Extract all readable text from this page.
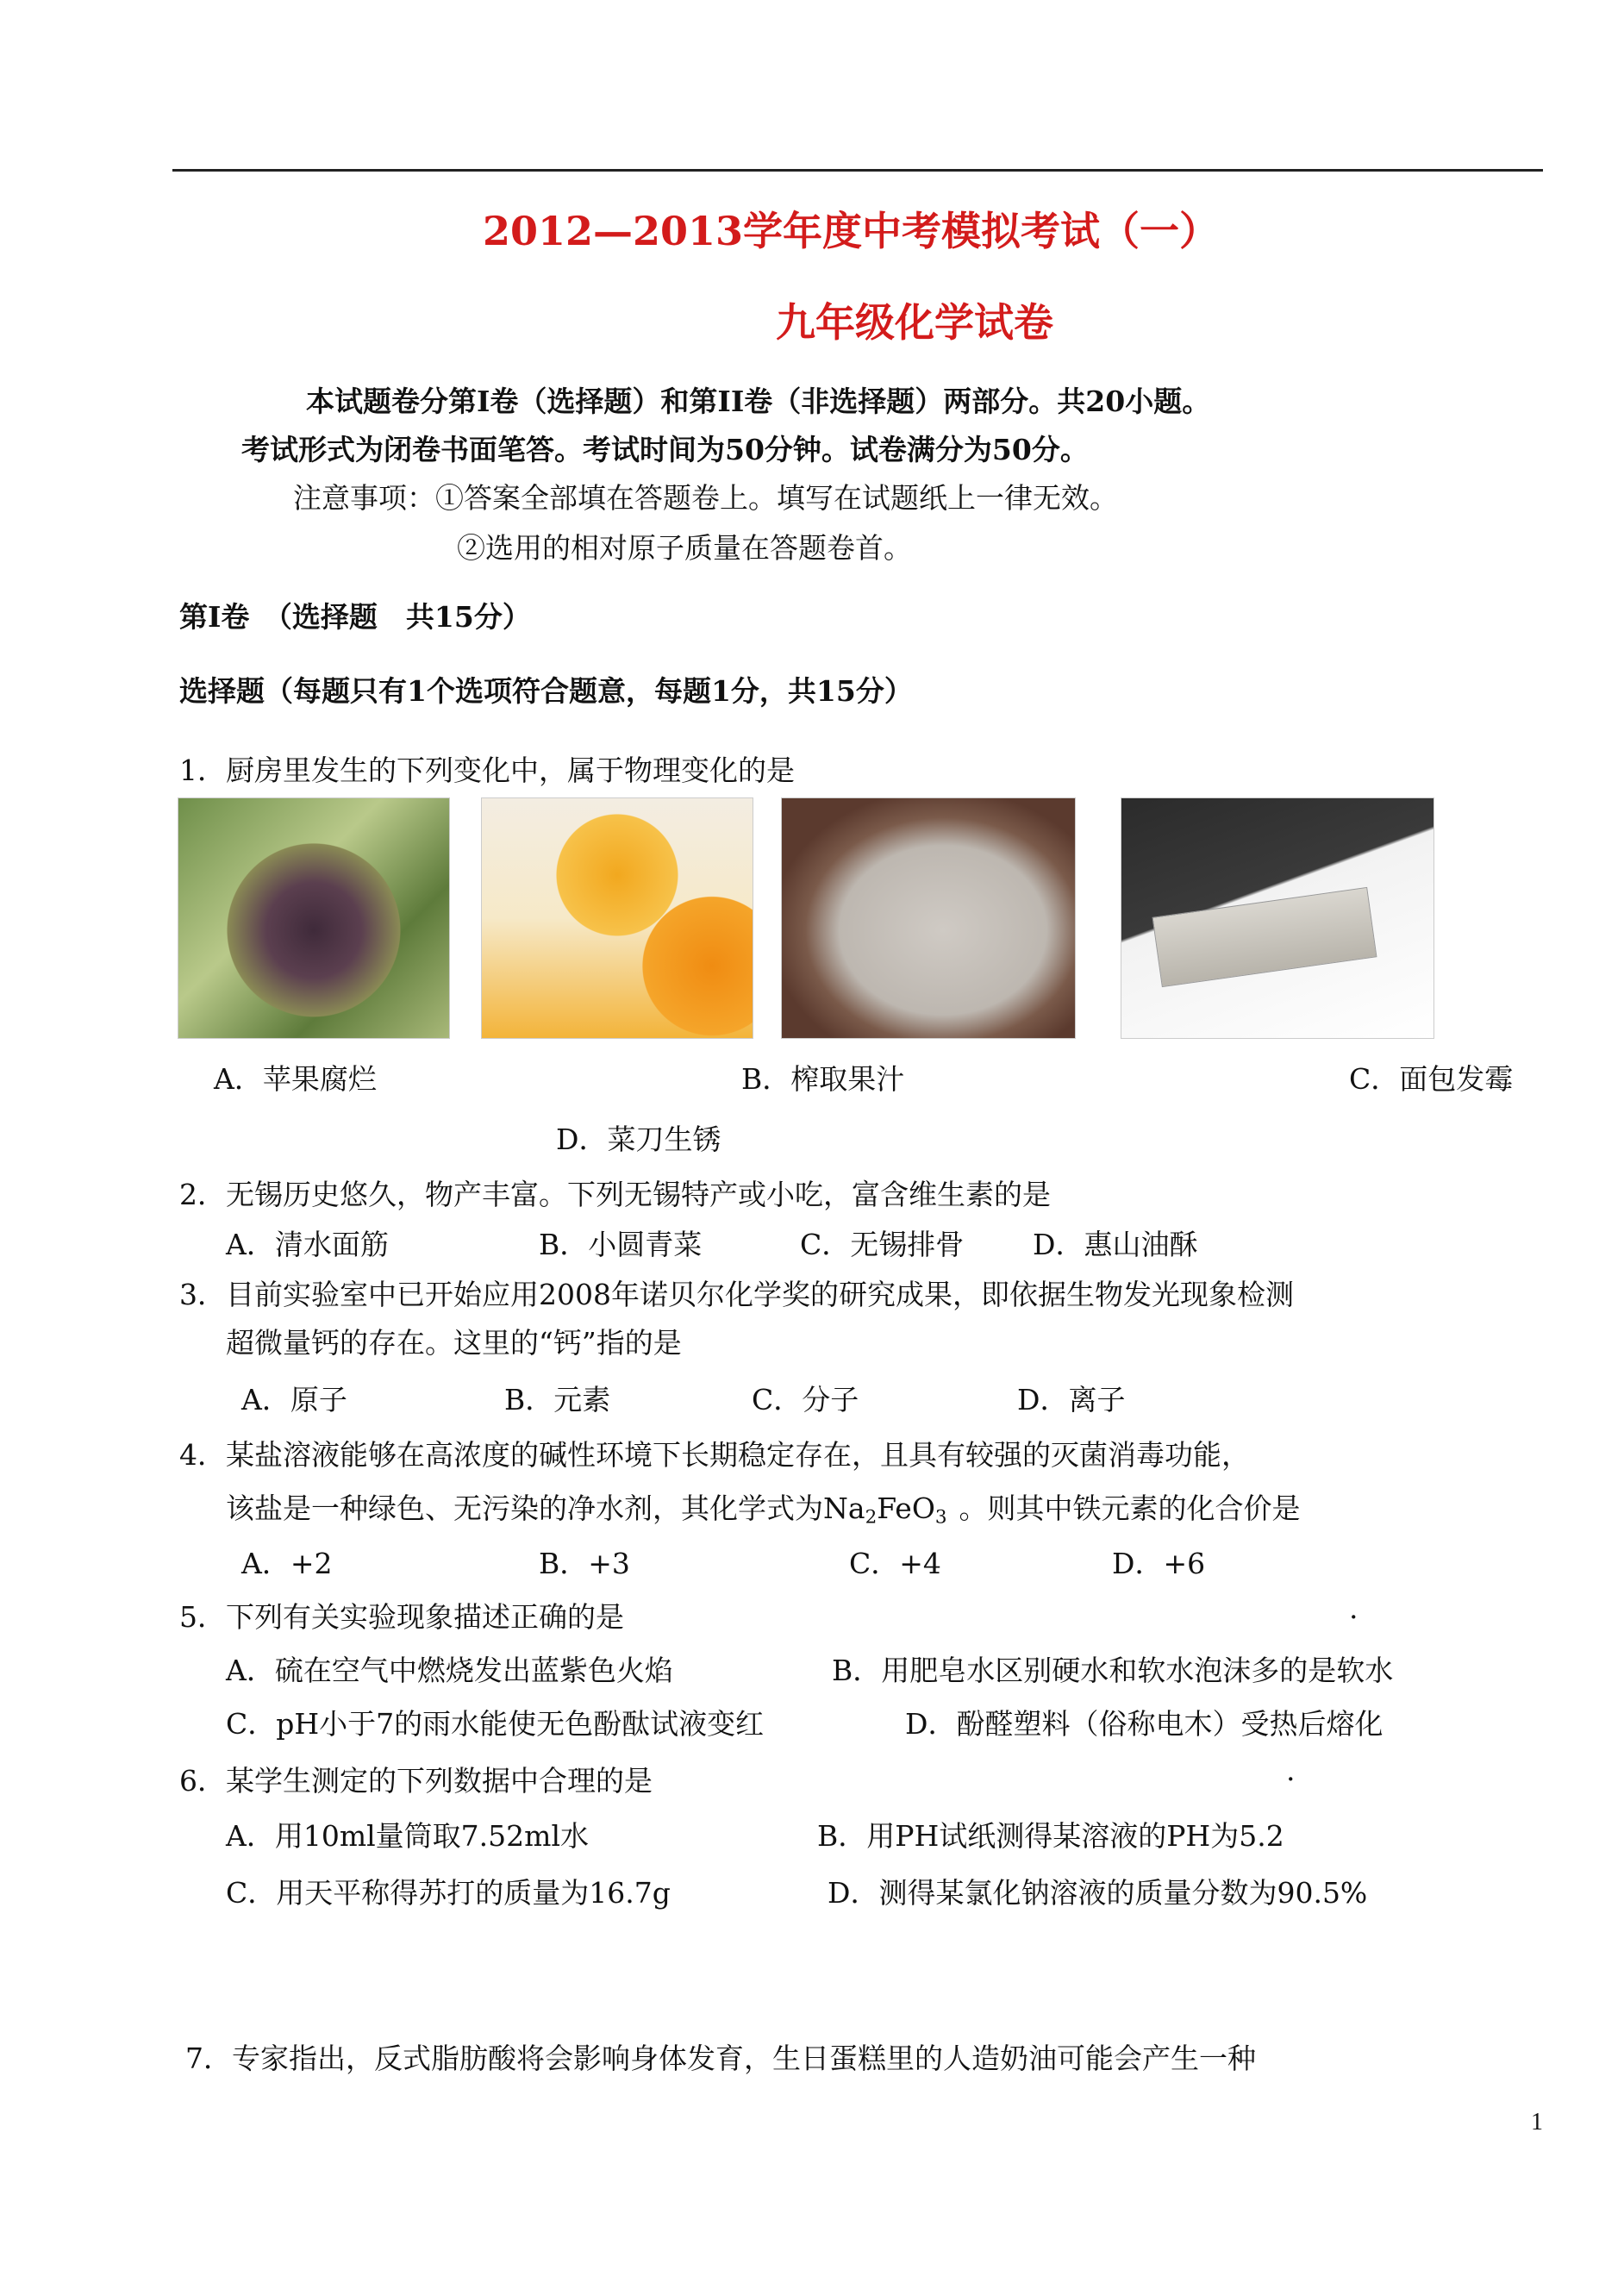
2012—2013学年度中考模拟考试（一）
九年级化学试卷
本试题卷分第Ⅰ卷（选择题）和第II卷（非选择题）两部分。共20小题。
考试形式为闭卷书面笔答。考试时间为50分钟。试卷满分为50分。
注意事项：①答案全部填在答题卷上。填写在试题纸上一律无效。
②选用的相对原子质量在答题卷首。
第Ⅰ卷　（选择题　共15分）
选择题（每题只有1个选项符合题意，每题1分，共15分）
1．厨房里发生的下列变化中，属于物理变化的是
A．苹果腐烂	B．榨取果汁	C．面包发霉
D．菜刀生锈
2．无锡历史悠久，物产丰富。下列无锡特产或小吃，富含维生素的是
A．清水面筋	B．小圆青菜	C．无锡排骨 D．惠山油酥
3．目前实验室中已开始应用2008年诺贝尔化学奖的研究成果，即依据生物发光现象检测
超微量钙的存在。这里的“钙”指的是
A．原子	B．元素	C．分子	D．离子
4．某盐溶液能够在高浓度的碱性环境下长期稳定存在，且具有较强的灭菌消毒功能，
该盐是一种绿色、无污染的净水剂，其化学式为$Na_2FeO_3$ 。则其中铁元素的化合价是
A．+2	B．+3	C．+4	D．+6
5．下列有关实验现象描述正确的是	.
A．硫在空气中燃烧发出蓝紫色火焰	B．用肥皂水区别硬水和软水泡沫多的是软水
C．pH小于7的雨水能使无色酚酞试液变红	D．酚醛塑料（俗称电木）受热后熔化
6．某学生测定的下列数据中合理的是	.
A．用10ml量筒取7.52ml水	B．用PH试纸测得某溶液的PH为5.2
C．用天平称得苏打的质量为16.7g	D．测得某氯化钠溶液的质量分数为90.5%
7．专家指出，反式脂肪酸将会影响身体发育，生日蛋糕里的人造奶油可能会产生一种
1
